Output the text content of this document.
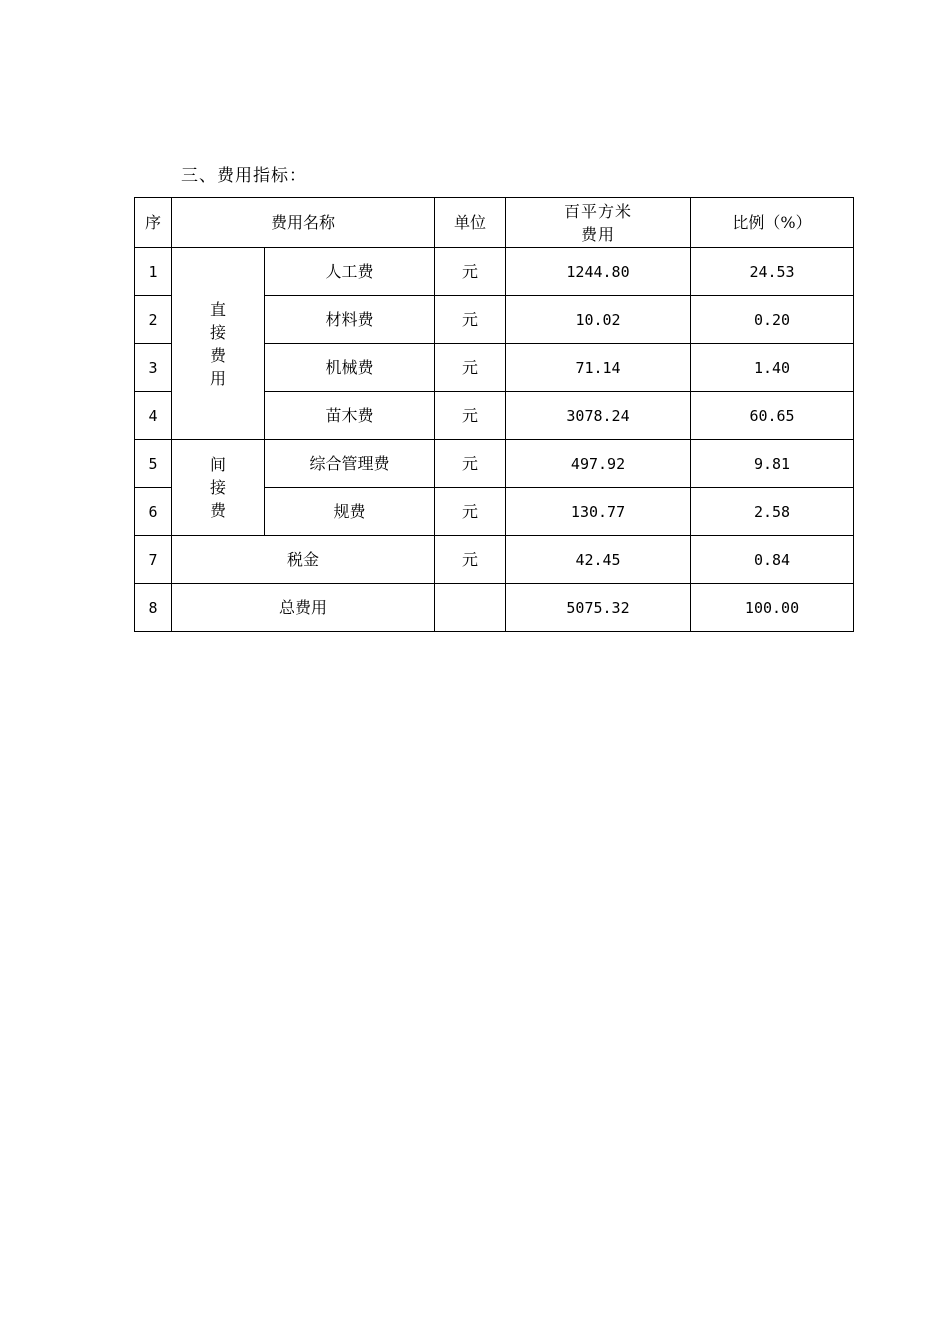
三、费用指标：
序	费用名称		单位	百平方米费用	比例（%）
1	直接费用	人工费	元	1244.80	24.53
2		材料费	元	10.02	0.20
3		机械费	元	71.14	1.40
4		苗木费	元	3078.24	60.65
5	间接费	综合管理费	元	497.92	9.81
6		规费	元	130.77	2.58
7	税金		元	42.45	0.84
8	总费用			5075.32	100.00
